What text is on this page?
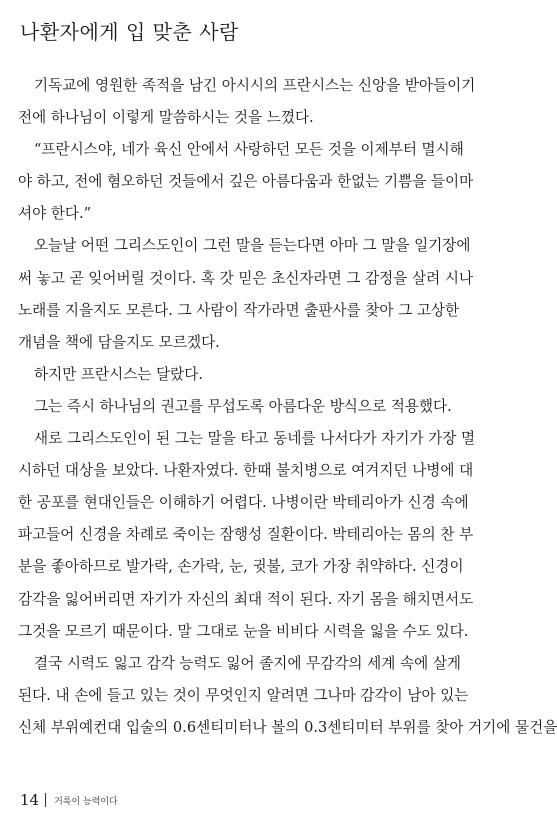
나환자에게 입 맞춘 사람
기독교에 영원한 족적을 남긴 아시시의 프란시스는 신앙을 받아들이기
전에 하나님이 이렇게 말씀하시는 것을 느꼈다.
“프란시스야, 네가 육신 안에서 사랑하던 모든 것을 이제부터 멸시해
야 하고, 전에 혐오하던 것들에서 깊은 아름다움과 한없는 기쁨을 들이마
셔야 한다.”
오늘날 어떤 그리스도인이 그런 말을 듣는다면 아마 그 말을 일기장에
써 놓고 곧 잊어버릴 것이다. 혹 갓 믿은 초신자라면 그 감정을 살려 시나
노래를 지을지도 모른다. 그 사람이 작가라면 출판사를 찾아 그 고상한
개념을 책에 담을지도 모르겠다.
하지만 프란시스는 달랐다.
그는 즉시 하나님의 권고를 무섭도록 아름다운 방식으로 적용했다.
새로 그리스도인이 된 그는 말을 타고 동네를 나서다가 자기가 가장 멸
시하던 대상을 보았다. 나환자였다. 한때 불치병으로 여겨지던 나병에 대
한 공포를 현대인들은 이해하기 어렵다. 나병이란 박테리아가 신경 속에
파고들어 신경을 차례로 죽이는 잠행성 질환이다. 박테리아는 몸의 찬 부
분을 좋아하므로 발가락, 손가락, 눈, 귓불, 코가 가장 취약하다. 신경이
감각을 잃어버리면 자기가 자신의 최대 적이 된다. 자기 몸을 해치면서도
그것을 모르기 때문이다. 말 그대로 눈을 비비다 시력을 잃을 수도 있다.
결국 시력도 잃고 감각 능력도 잃어 졸지에 무감각의 세계 속에 살게
된다. 내 손에 들고 있는 것이 무엇인지 알려면 그나마 감각이 남아 있는
신체 부위예컨대 입술의 0.6센티미터나 볼의 0.3센티미터 부위를 찾아 거기에 물건을
14 거룩이 능력이다
